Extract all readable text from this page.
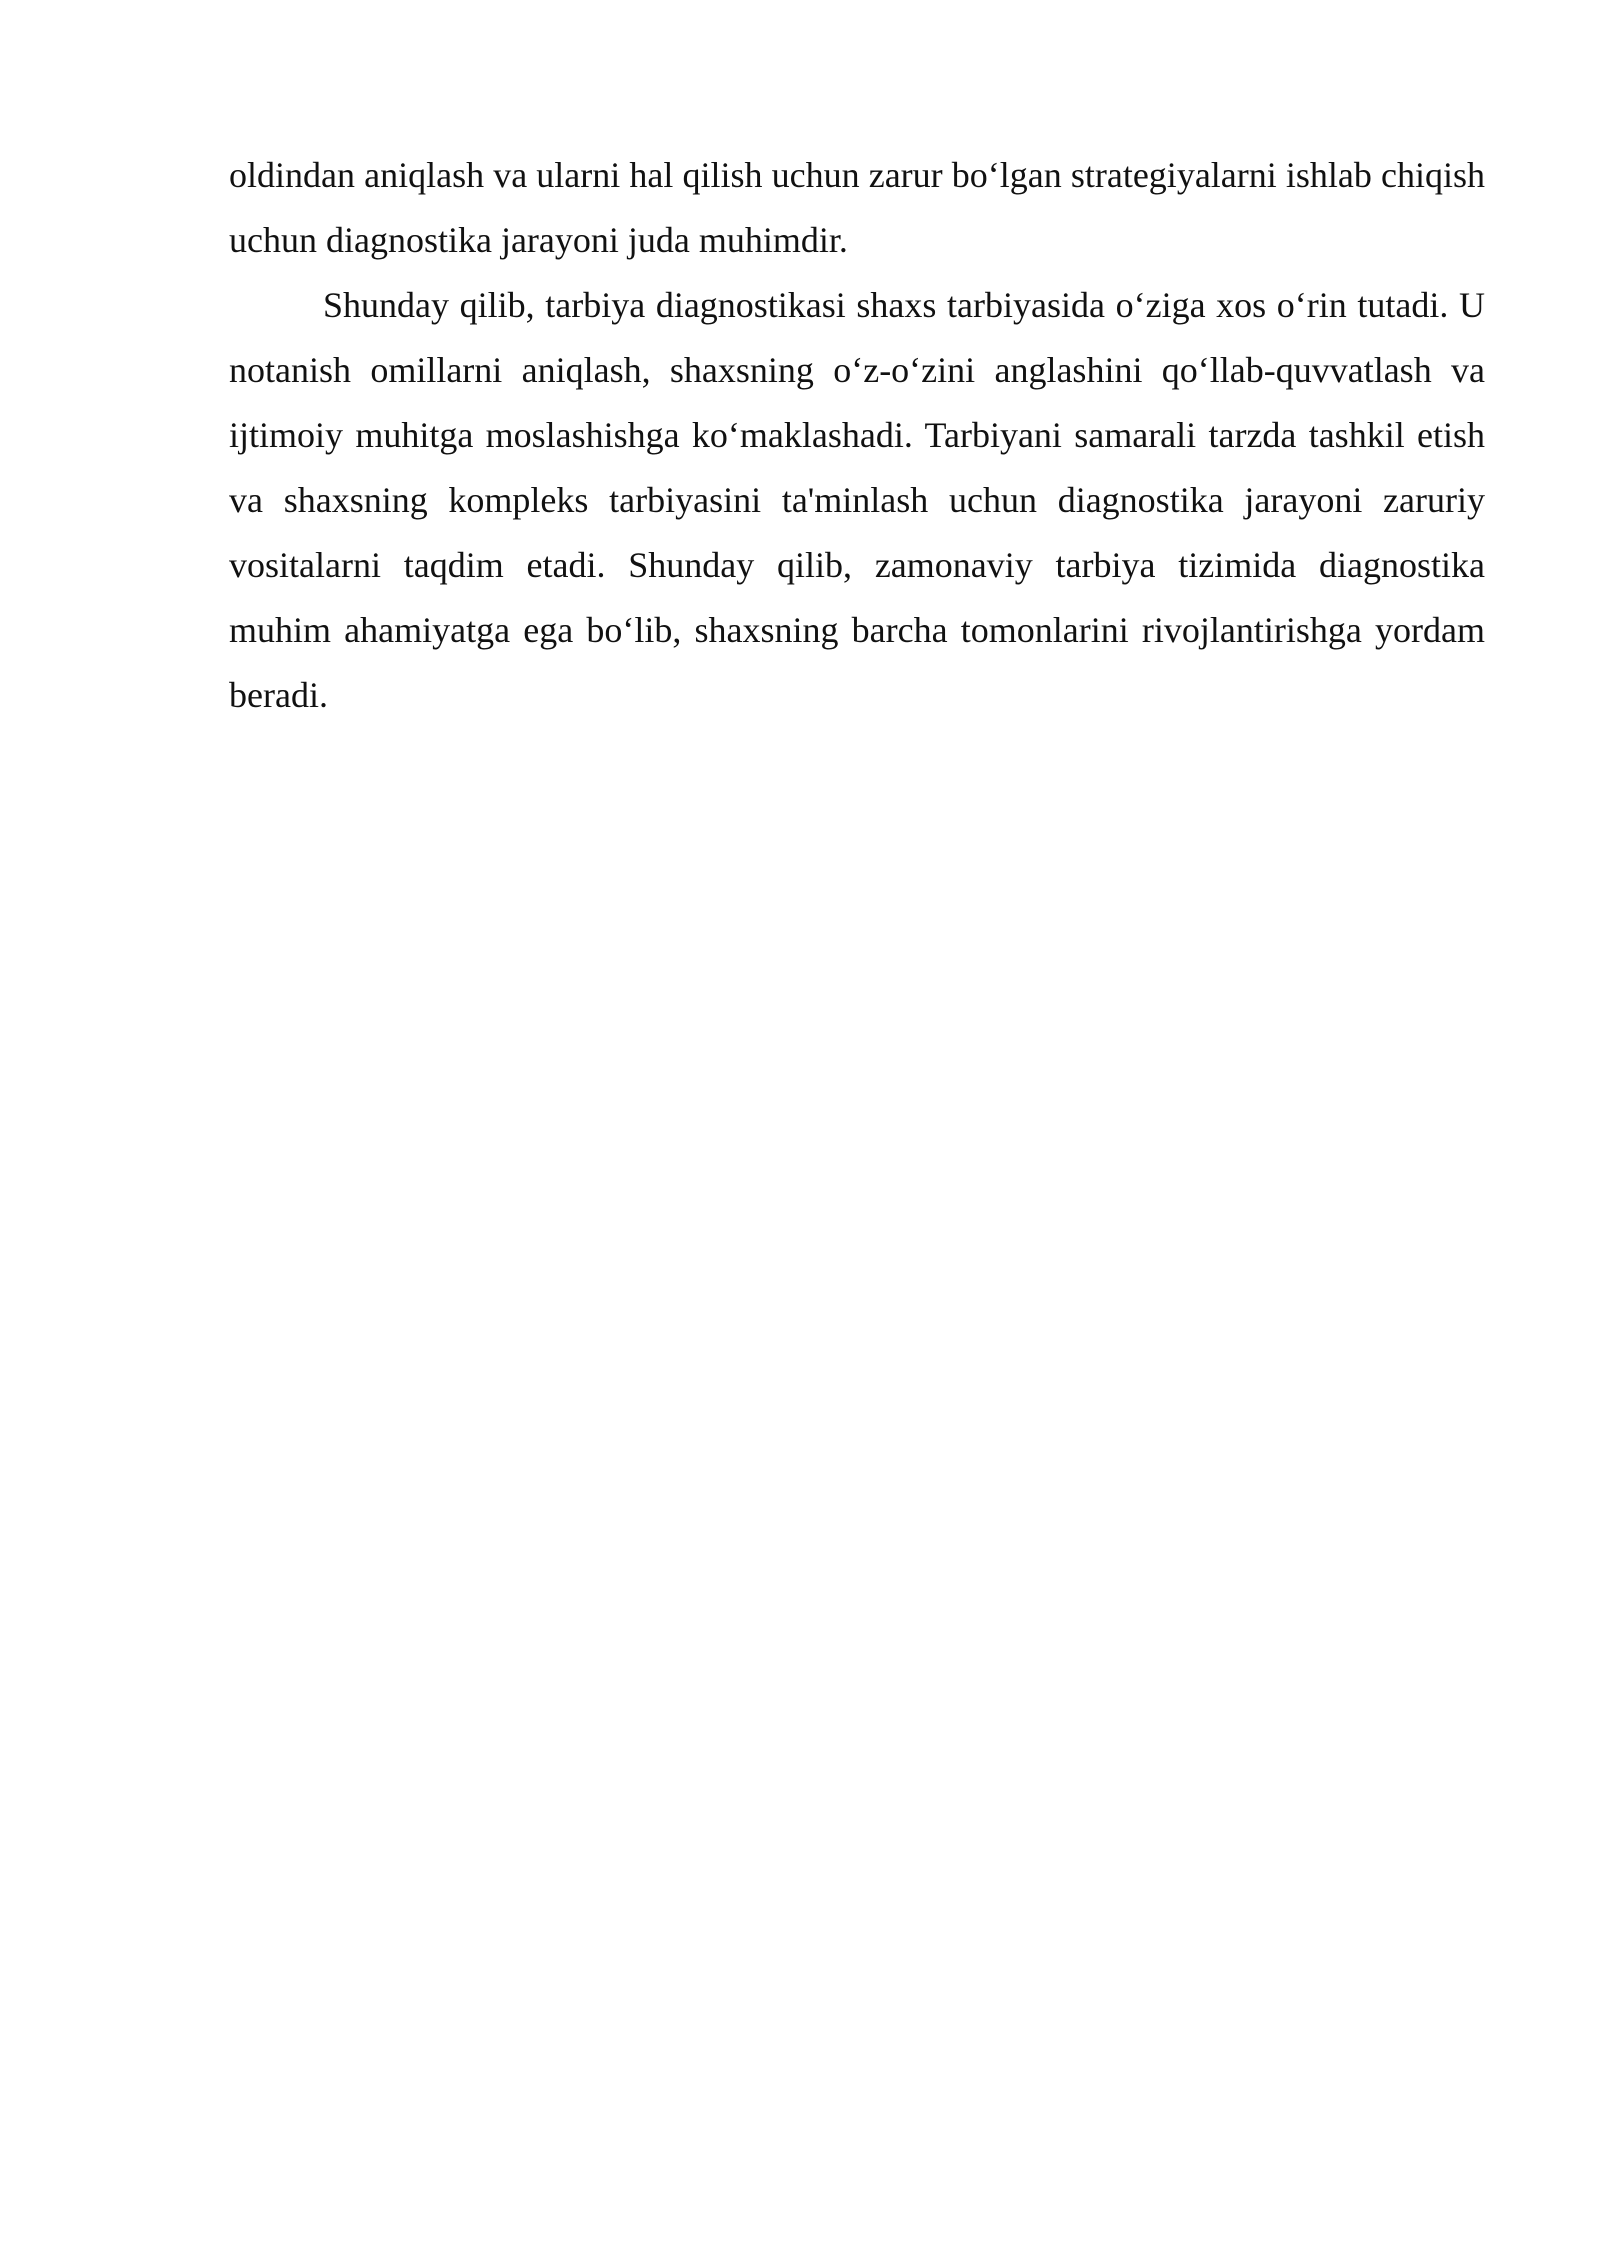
oldindan aniqlash va ularni hal qilish uchun zarur bo‘lgan strategiyalarni ishlab chiqish uchun diagnostika jarayoni juda muhimdir.

Shunday qilib, tarbiya diagnostikasi shaxs tarbiyasida o‘ziga xos o‘rin tutadi. U notanish omillarni aniqlash, shaxsning o‘z-o‘zini anglashini qo‘llab-quvvatlash va ijtimoiy muhitga moslashishga ko‘maklashadi. Tarbiyani samarali tarzda tashkil etish va shaxsning kompleks tarbiyasini ta'minlash uchun diagnostika jarayoni zaruriy vositalarni taqdim etadi. Shunday qilib, zamonaviy tarbiya tizimida diagnostika muhim ahamiyatga ega bo‘lib, shaxsning barcha tomonlarini rivojlantirishga yordam beradi.
